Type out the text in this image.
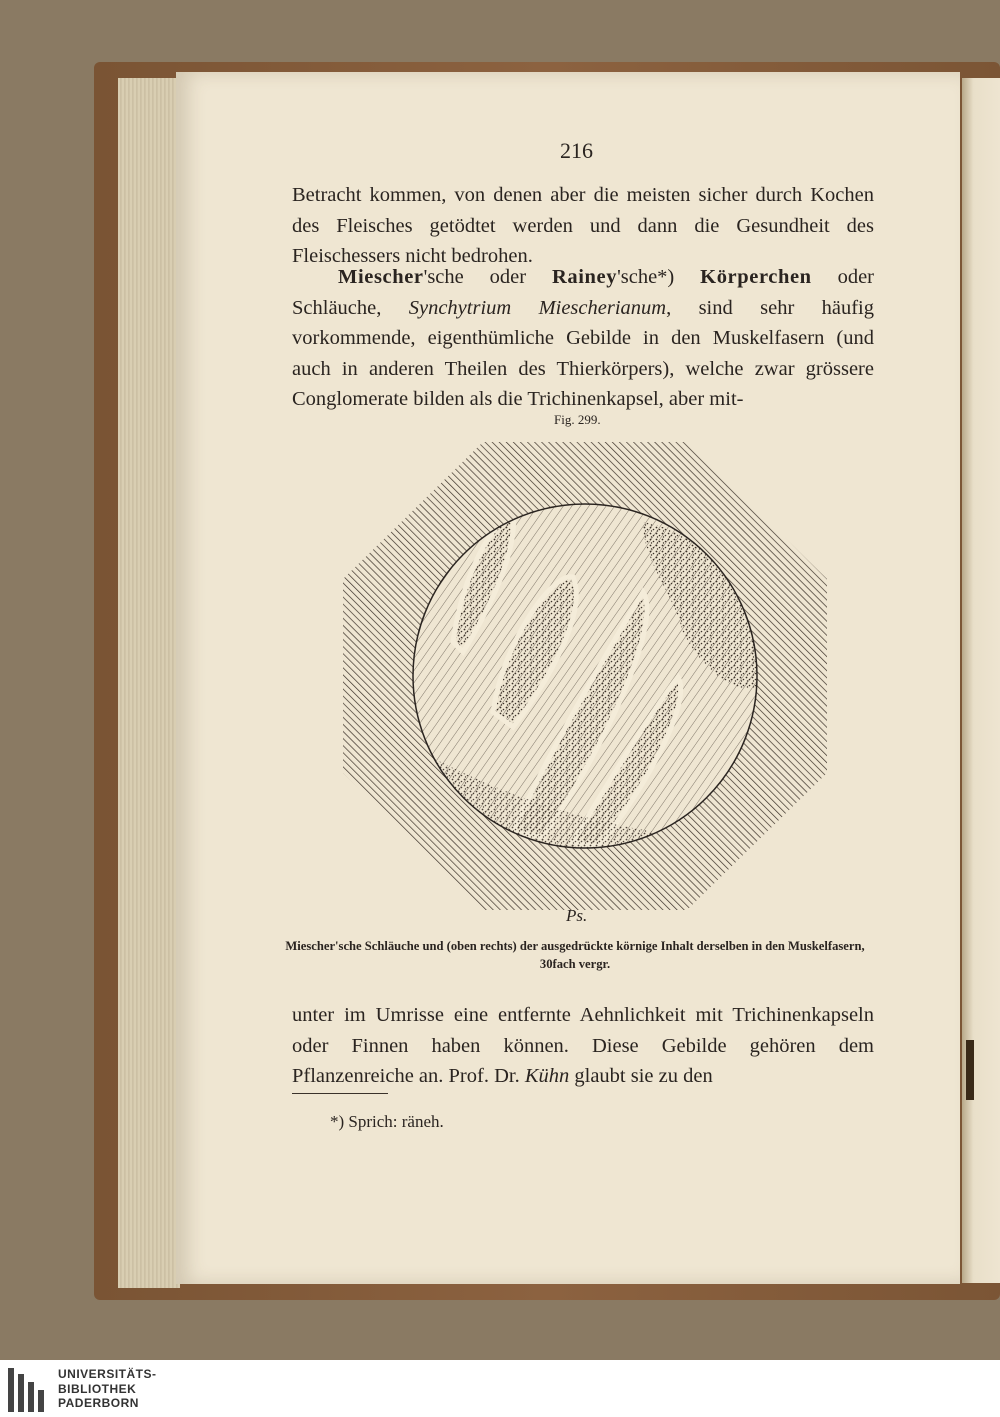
216
Betracht kommen, von denen aber die meisten sicher durch Kochen des Fleisches getödtet werden und dann die Gesundheit des Fleischessers nicht bedrohen.
Miescher'sche oder Rainey'sche*) Körperchen oder Schläuche, Synchytrium Miescherianum, sind sehr häufig vorkommende, eigenthümliche Gebilde in den Muskelfasern (und auch in anderen Theilen des Thierkörpers), welche zwar grössere Conglomerate bilden als die Trichinenkapsel, aber mit-
Fig. 299.
Ps.
Miescher'sche Schläuche und (oben rechts) der ausgedrückte körnige Inhalt derselben in den Muskelfasern, 30fach vergr.
unter im Umrisse eine entfernte Aehnlichkeit mit Trichinenkapseln oder Finnen haben können. Diese Gebilde gehören dem Pflanzenreiche an. Prof. Dr. Kühn glaubt sie zu den
*) Sprich: räneh.
UNIVERSITÄTS-
BIBLIOTHEK
PADERBORN
